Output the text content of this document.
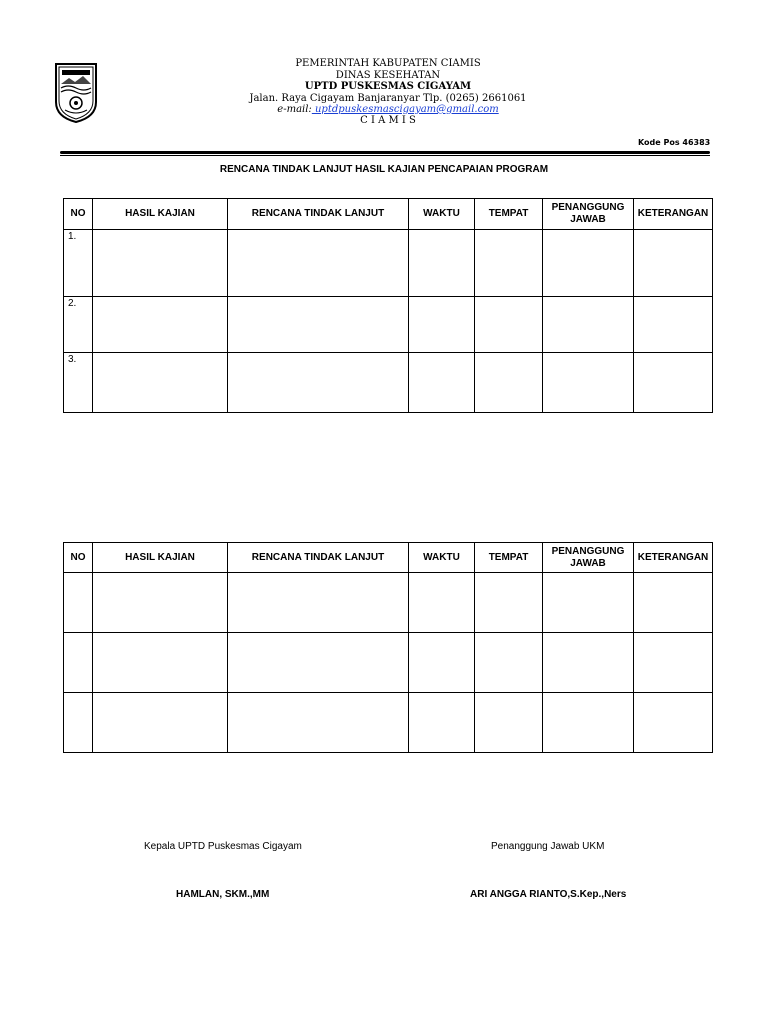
PEMERINTAH KABUPATEN CIAMIS
DINAS KESEHATAN
UPTD PUSKESMAS CIGAYAM
Jalan. Raya Cigayam Banjaranyar Tlp. (0265) 2661061
e-mail: uptdpuskesmascigayam@gmail.com
C I A M I S
Kode Pos 46383
RENCANA TINDAK LANJUT HASIL KAJIAN PENCAPAIAN PROGRAM
NO	HASIL KAJIAN	RENCANA TINDAK LANJUT	WAKTU	TEMPAT	PENANGGUNG JAWAB	KETERANGAN
1.						
2.						
3.						
NO	HASIL KAJIAN	RENCANA TINDAK LANJUT	WAKTU	TEMPAT	PENANGGUNG JAWAB	KETERANGAN

Kepala UPTD Puskesmas Cigayam
HAMLAN, SKM.,MM
Penanggung Jawab UKM
ARI ANGGA RIANTO,S.Kep.,Ners
